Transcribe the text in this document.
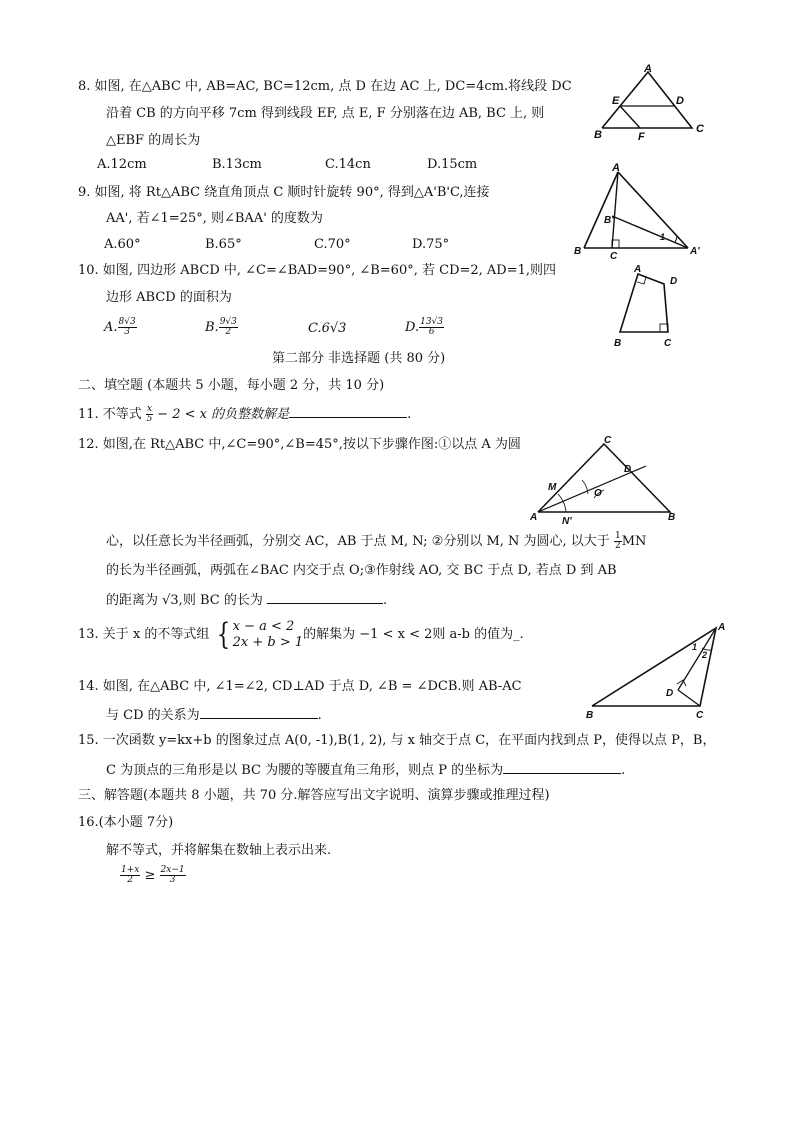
8. 如图, 在△ABC 中, AB=AC, BC=12cm, 点 D 在边 AC 上, DC=4cm.将线段 DC
沿着 CB 的方向平移 7cm 得到线段 EF, 点 E, F 分别落在边 AB, BC 上, 则
△EBF 的周长为
A.12cm	B.13cm	C.14cn	D.15cm
A
B	C
D
E
F
9. 如图, 将 Rt△ABC 绕直角顶点 C 顺时针旋转 90°, 得到△A'B'C,连接
AA', 若∠1=25°, 则∠BAA' 的度数为
A.60°	B.65°	C.70°	D.75°
A
B
B'
C	A'
1
10. 如图, 四边形 ABCD 中, ∠C=∠BAD=90°, ∠B=60°, 若 CD=2, AD=1,则四
边形 ABCD 的面积为
A. $\frac{8√3}{3}$	B. $\frac{9√3}{2}$	C.6√3	D. $\frac{13√3}{6}$
A
D
B	C
第二部分 非选择题 (共 80 分)
二、填空题 (本题共 5 小题，每小题 2 分，共 10 分)
11. 不等式 $\frac{x}{5} - 2 < x$ 的负整数解是	.
12. 如图,在 Rt△ABC 中,∠C=90°,∠B=45°,按以下步骤作图:①以点 A 为圆	C
D
M
O
A N'	B
心，以任意长为半径画弧，分别交 AC，AB 于点 M, N; ②分别以 M, N 为圆心, 以大于 $\frac{1}{2}$ MN
的长为半径画弧，两弧在∠BAC 内交于点 O;③作射线 AO, 交 BC 于点 D, 若点 D 到 AB
的距离为 √3,则 BC 的长为	.
13. 关于 x 的不等式组 { x − a < 2
2x + b > 1 的解集为 −1 < x < 2则 a-b 的值为_.
14. 如图, 在△ABC 中, ∠1=∠2, CD⊥AD 于点 D, ∠B = ∠DCB.则 AB-AC
与 CD 的关系为	.
A
1
2
D
B	C
15. 一次函数 y=kx+b 的图象过点 A(0, -1),B(1, 2), 与 x 轴交于点 C，在平面内找到点 P，使得以点 P，B，
C 为顶点的三角形是以 BC 为腰的等腰直角三角形，则点 P 的坐标为	.
三、解答题(本题共 8 小题，共 70 分.解答应写出文字说明、演算步骤或推理过程)
16.(本小题 7分)
解不等式，并将解集在数轴上表示出来.
$\frac{1+x}{2} \ge \frac{2x-1}{3}$
